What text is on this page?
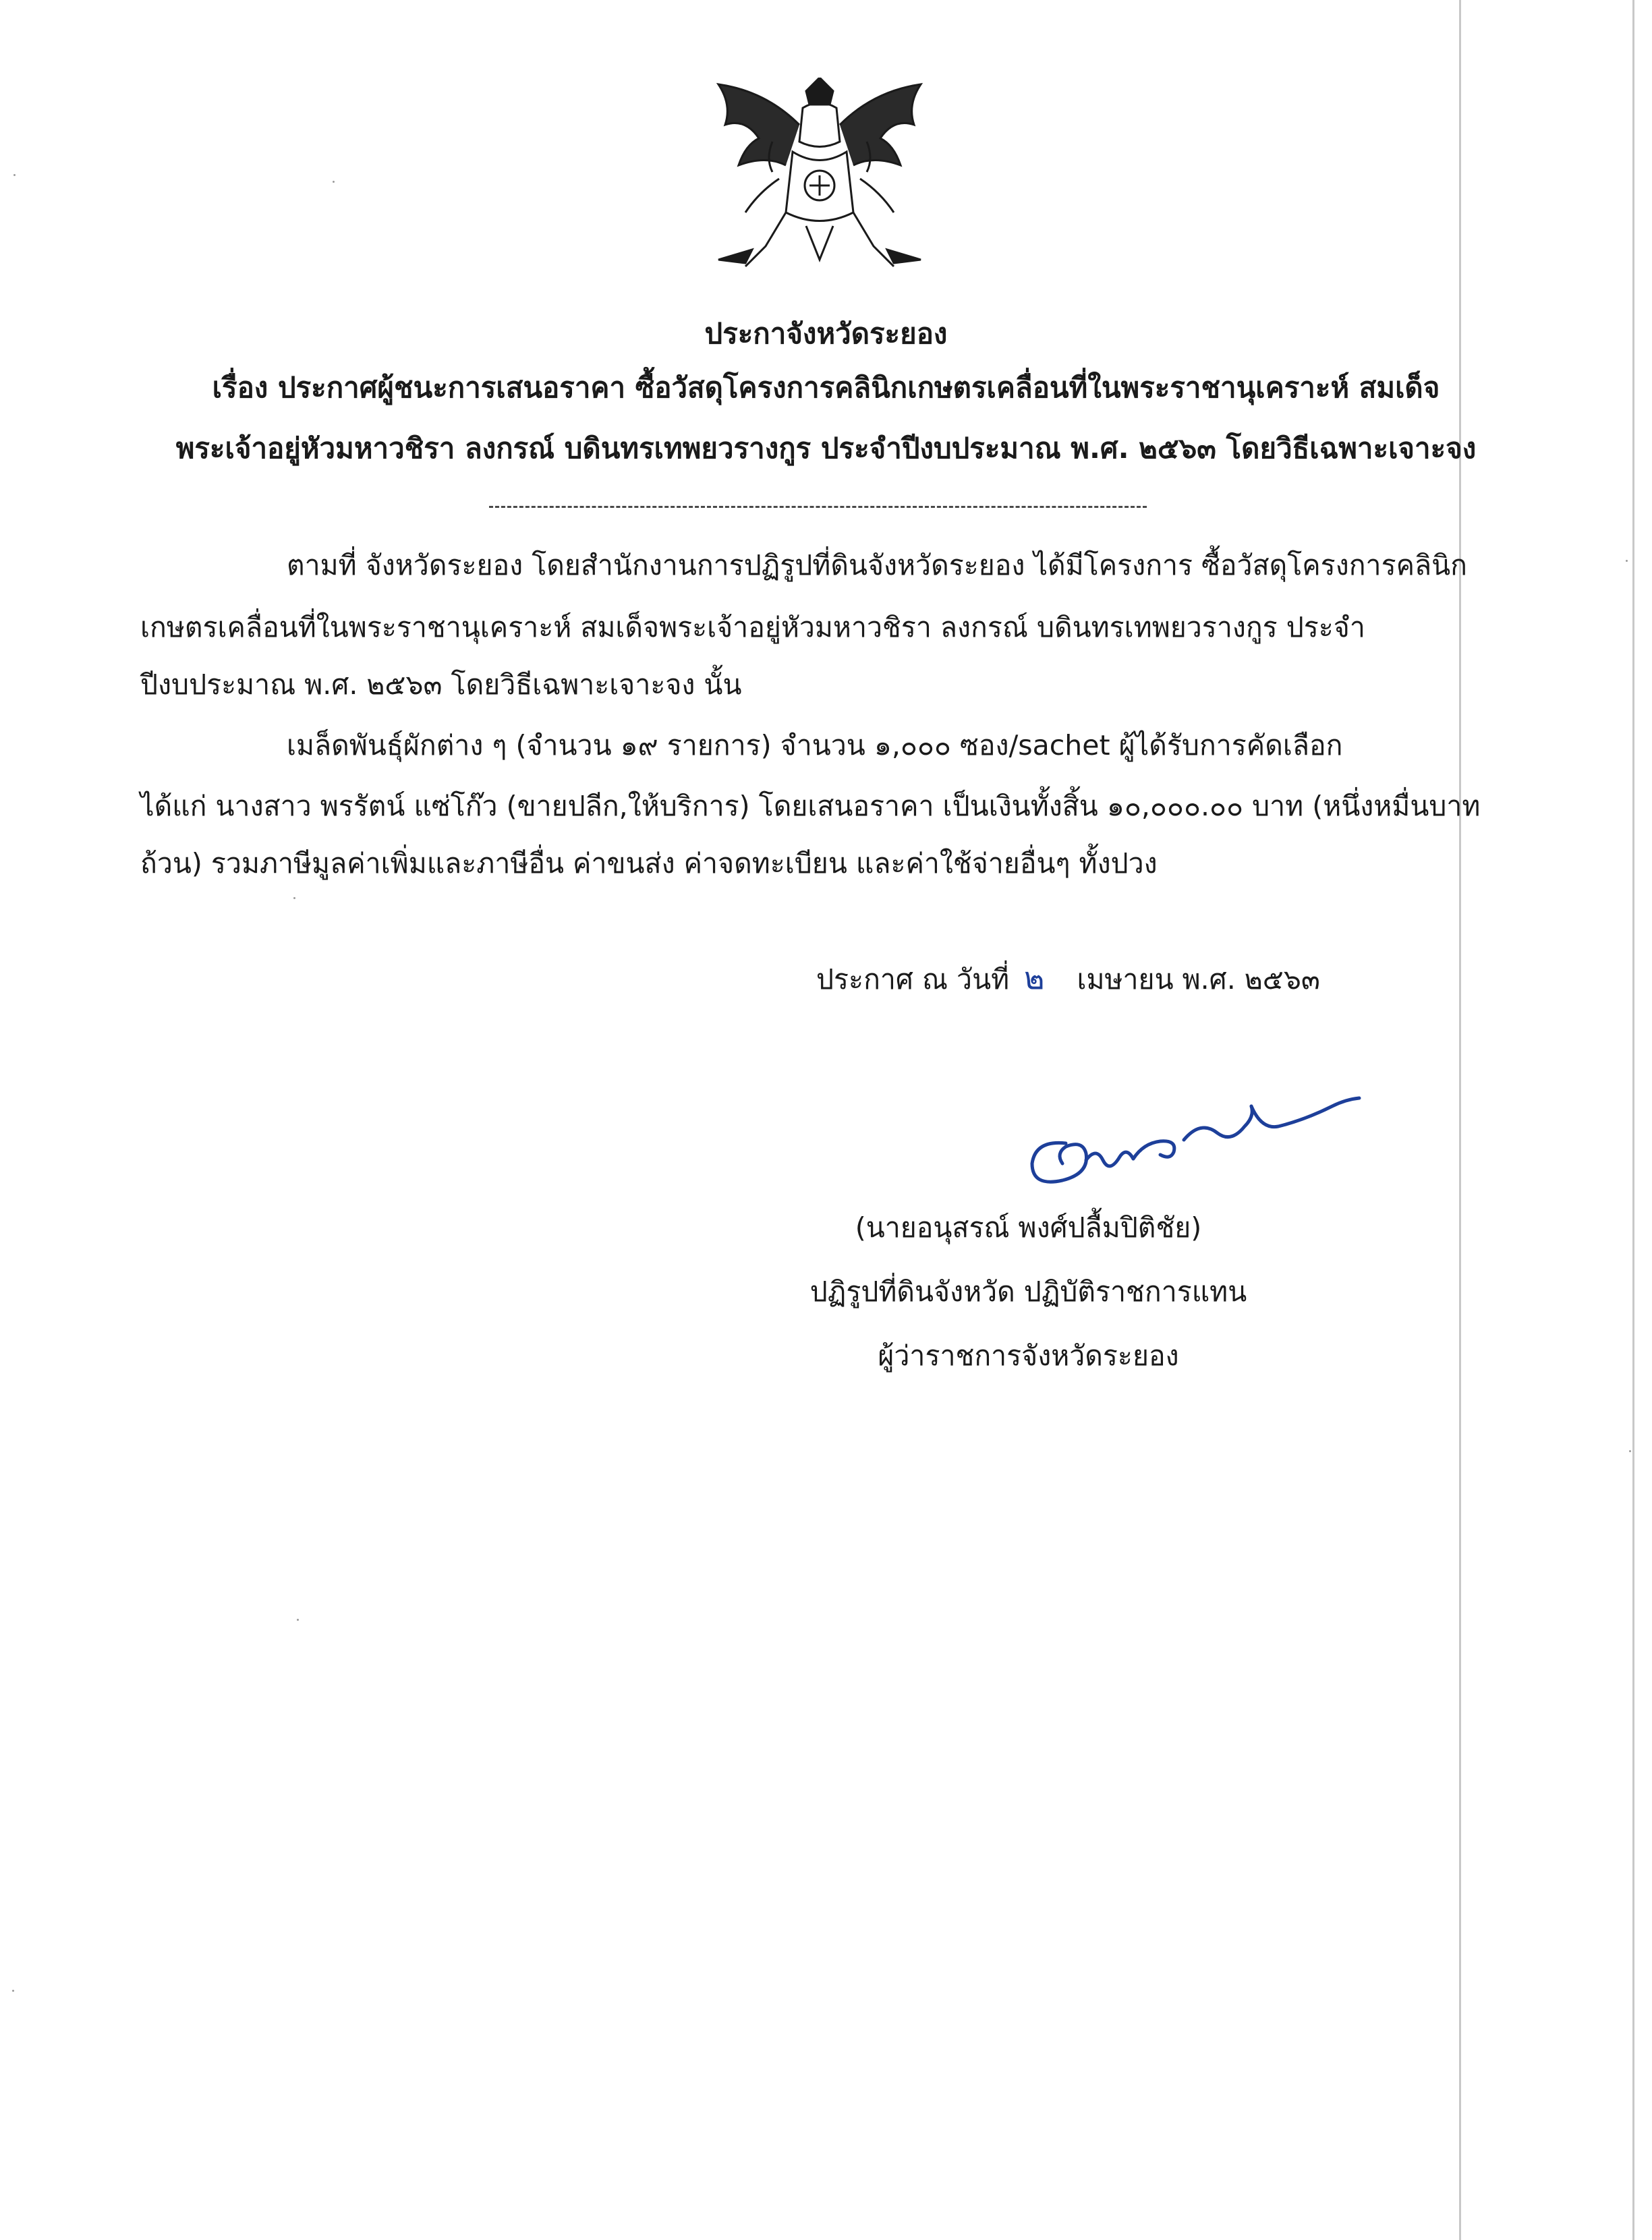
ประกาจังหวัดระยอง
เรื่อง ประกาศผู้ชนะการเสนอราคา ซื้อวัสดุโครงการคลินิกเกษตรเคลื่อนที่ในพระราชานุเคราะห์ สมเด็จ
พระเจ้าอยู่หัวมหาวชิรา ลงกรณ์ บดินทรเทพยวรางกูร ประจำปีงบประมาณ พ.ศ. ๒๕๖๓ โดยวิธีเฉพาะเจาะจง
ตามที่ จังหวัดระยอง โดยสำนักงานการปฏิรูปที่ดินจังหวัดระยอง ได้มีโครงการ ซื้อวัสดุโครงการคลินิก
เกษตรเคลื่อนที่ในพระราชานุเคราะห์ สมเด็จพระเจ้าอยู่หัวมหาวชิรา ลงกรณ์ บดินทรเทพยวรางกูร ประจำ
ปีงบประมาณ พ.ศ. ๒๕๖๓ โดยวิธีเฉพาะเจาะจง นั้น
เมล็ดพันธุ์ผักต่าง ๆ (จำนวน ๑๙ รายการ) จำนวน ๑,๐๐๐ ซอง/sachet ผู้ได้รับการคัดเลือก
ได้แก่ นางสาว พรรัตน์ แซ่โก๊ว (ขายปลีก,ให้บริการ) โดยเสนอราคา เป็นเงินทั้งสิ้น ๑๐,๐๐๐.๐๐ บาท (หนึ่งหมื่นบาท
ถ้วน) รวมภาษีมูลค่าเพิ่มและภาษีอื่น ค่าขนส่ง ค่าจดทะเบียน และค่าใช้จ่ายอื่นๆ ทั้งปวง
ประกาศ ณ วันที่ ๒ เมษายน พ.ศ. ๒๕๖๓
(นายอนุสรณ์ พงศ์ปลื้มปิติชัย)
ปฏิรูปที่ดินจังหวัด ปฏิบัติราชการแทน
ผู้ว่าราชการจังหวัดระยอง
